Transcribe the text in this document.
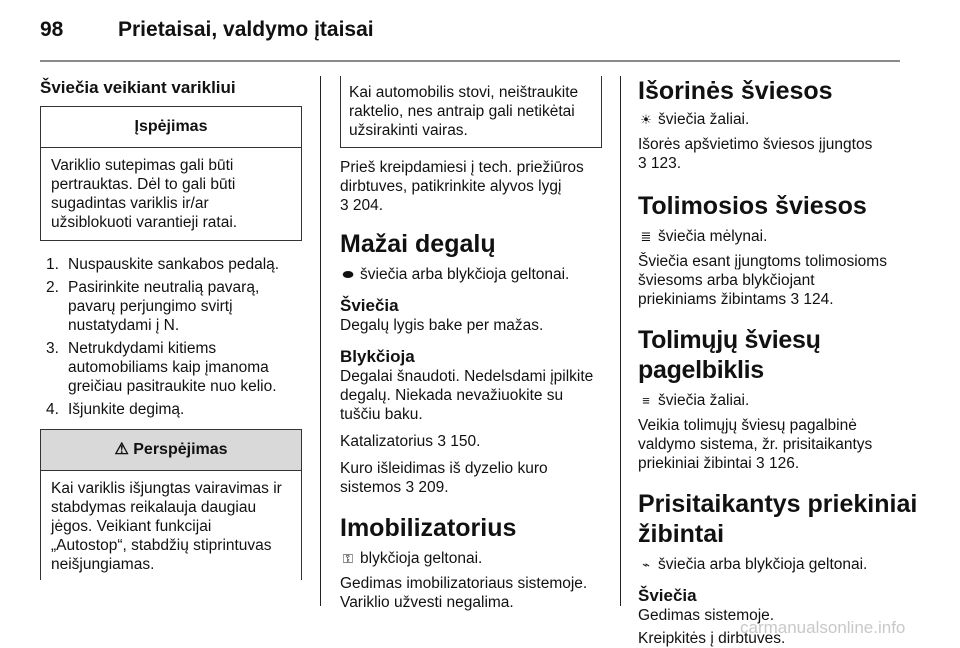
98	Prietaisai, valdymo įtaisai
Šviečia veikiant varikliui
Įspėjimas
Variklio sutepimas gali būti
pertrauktas. Dėl to gali būti
sugadintas variklis ir/ar
užsiblokuoti varantieji ratai.
1. Nuspauskite sankabos pedalą.
2. Pasirinkite neutralią pavarą,
pavarų perjungimo svirtį
nustatydami į N.
3. Netrukdydami kitiems
automobiliams kaip įmanoma
greičiau pasitraukite nuo kelio.
4. Išjunkite degimą.
⚠ Perspėjimas
Kai variklis išjungtas vairavimas ir
stabdymas reikalauja daugiau
jėgos. Veikiant funkcijai
„Autostop“, stabdžių stiprintuvas
neišjungiamas.
Kai automobilis stovi, neištraukite
raktelio, nes antraip gali netikėtai
užsirakinti vairas.
Prieš kreipdamiesi į tech. priežiūros
dirbtuves, patikrinkite alyvos lygį
3 204.
Mažai degalų
⬬ šviečia arba blykčioja geltonai.
Šviečia
Degalų lygis bake per mažas.
Blykčioja
Degalai šnaudoti. Nedelsdami įpilkite
degalų. Niekada nevažiuokite su
tuščiu baku.
Katalizatorius 3 150.
Kuro išleidimas iš dyzelio kuro
sistemos 3 209.
Imobilizatorius
⚿ blykčioja geltonai.
Gedimas imobilizatoriaus sistemoje.
Variklio užvesti negalima.
Išorinės šviesos
☀ šviečia žaliai.
Išorės apšvietimo šviesos įjungtos
3 123.
Tolimosios šviesos
≣ šviečia mėlynai.
Šviečia esant įjungtoms tolimosioms
šviesoms arba blykčiojant
priekiniams žibintams 3 124.
Tolimųjų šviesų pagelbiklis
≡ šviečia žaliai.
Veikia tolimųjų šviesų pagalbinė
valdymo sistema, žr. prisitaikantys
priekiniai žibintai 3 126.
Prisitaikantys priekiniai
žibintai
⌁ šviečia arba blykčioja geltonai.
Šviečia
Gedimas sistemoje.
Kreipkitės į dirbtuves.
carmanualsonline.info
